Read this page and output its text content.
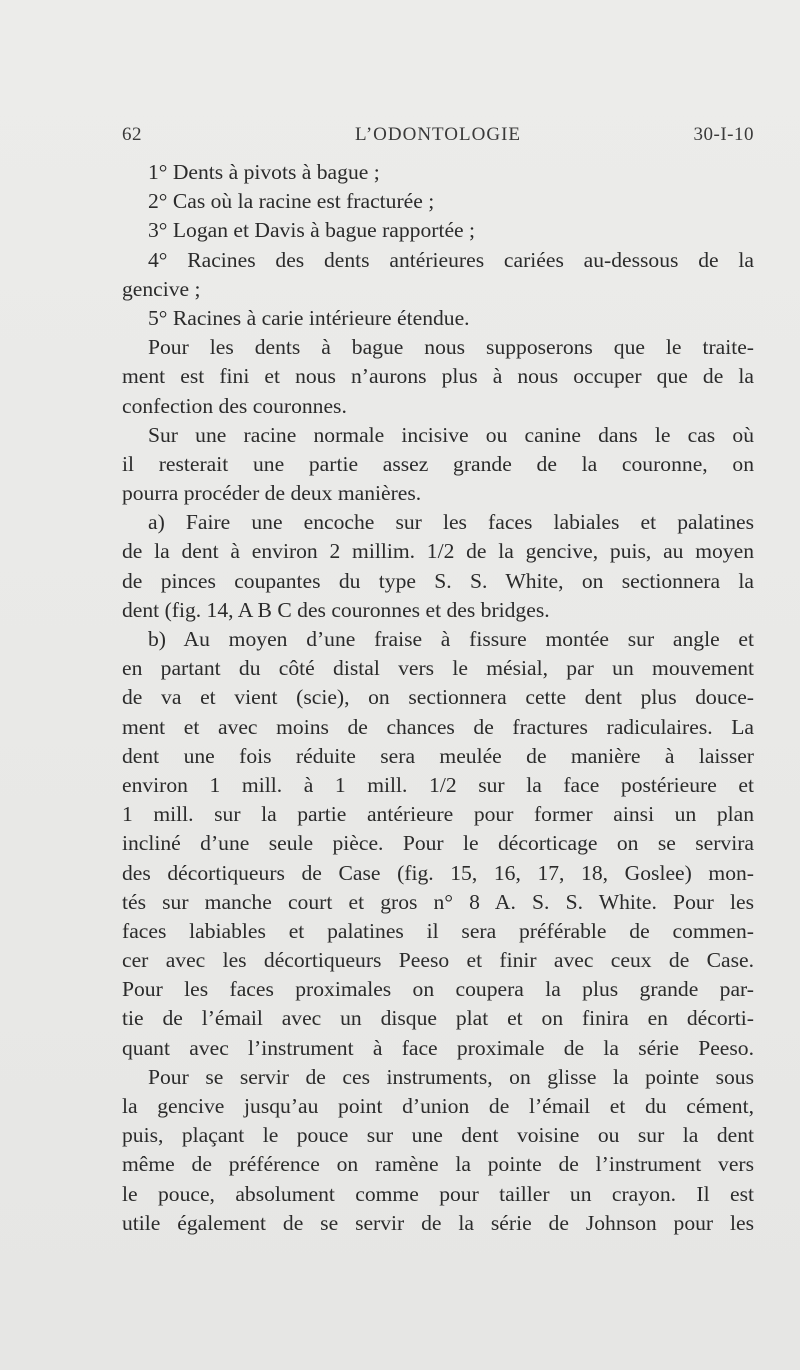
62	L’ODONTOLOGIE	30-I-10
1° Dents à pivots à bague ;
2° Cas où la racine est fracturée ;
3° Logan et Davis à bague rapportée ;
4° Racines des dents antérieures cariées au-dessous de la
gencive ;
5° Racines à carie intérieure étendue.
Pour les dents à bague nous supposerons que le traite-
ment est fini et nous n’aurons plus à nous occuper que de la
confection des couronnes.
Sur une racine normale incisive ou canine dans le cas où
il resterait une partie assez grande de la couronne, on
pourra procéder de deux manières.
a) Faire une encoche sur les faces labiales et palatines
de la dent à environ 2 millim. 1/2 de la gencive, puis, au moyen
de pinces coupantes du type S. S. White, on sectionnera la
dent (fig. 14, A B C des couronnes et des bridges.
b) Au moyen d’une fraise à fissure montée sur angle et
en partant du côté distal vers le mésial, par un mouvement
de va et vient (scie), on sectionnera cette dent plus douce-
ment et avec moins de chances de fractures radiculaires. La
dent une fois réduite sera meulée de manière à laisser
environ 1 mill. à 1 mill. 1/2 sur la face postérieure et
1 mill. sur la partie antérieure pour former ainsi un plan
incliné d’une seule pièce. Pour le décorticage on se servira
des décortiqueurs de Case (fig. 15, 16, 17, 18, Goslee) mon-
tés sur manche court et gros n° 8 A. S. S. White. Pour les
faces labiables et palatines il sera préférable de commen-
cer avec les décortiqueurs Peeso et finir avec ceux de Case.
Pour les faces proximales on coupera la plus grande par-
tie de l’émail avec un disque plat et on finira en décorti-
quant avec l’instrument à face proximale de la série Peeso.
Pour se servir de ces instruments, on glisse la pointe sous
la gencive jusqu’au point d’union de l’émail et du cément,
puis, plaçant le pouce sur une dent voisine ou sur la dent
même de préférence on ramène la pointe de l’instrument vers
le pouce, absolument comme pour tailler un crayon. Il est
utile également de se servir de la série de Johnson pour les
